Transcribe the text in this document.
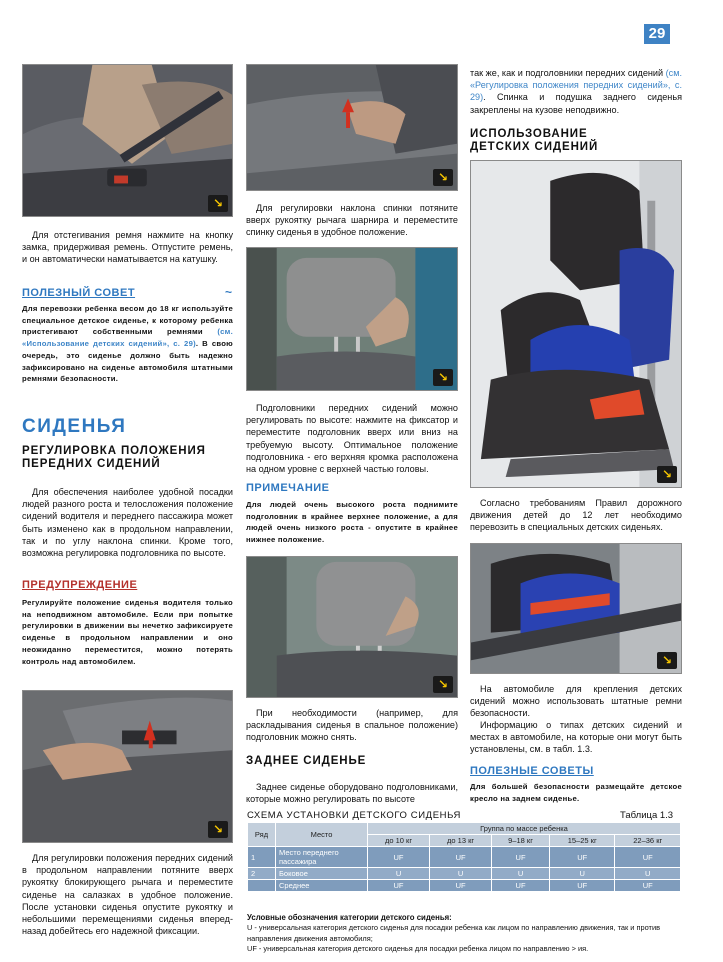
29
↘
Для отстегивания ремня нажмите на кнопку замка, придерживая ремень. Отпустите ремень, и он автоматически наматывается на катушку.
ПОЛЕЗНЫЙ СОВЕТ	~
Для перевозки ребенка весом до 18 кг используйте специальное детское сиденье, к которому ребенка пристегивают собственными ремнями (см. «Использование детских сидений», с. 29). В свою очередь, это сиденье должно быть надежно зафиксировано на сиденье автомобиля штатными ремнями безопасности.
СИДЕНЬЯ
РЕГУЛИРОВКА ПОЛОЖЕНИЯ ПЕРЕДНИХ СИДЕНИЙ
Для обеспечения наиболее удобной посадки людей разного роста и телосложения положение сидений водителя и переднего пассажира может быть изменено как в продольном направлении, так и по углу наклона спинки. Кроме того, возможна регулировка подголовника по высоте.
ПРЕДУПРЕЖДЕНИЕ
Регулируйте положение сиденья водителя только на неподвижном автомобиле. Если при попытке регулировки в движении вы нечетко зафиксируете сиденье в продольном направлении и оно неожиданно переместится, можно потерять контроль над автомобилем.
↘
Для регулировки положения передних сидений в продольном направлении потяните вверх рукоятку блокирующего рычага и переместите сиденье на салазках в удобное положение. После установки сиденья опустите рукоятку и небольшими перемещениями сиденья вперед-назад добейтесь его надежной фиксации.
↘
Для регулировки наклона спинки потяните вверх рукоятку рычага шарнира и переместите спинку сиденья в удобное положение.
↘
Подголовники передних сидений можно регулировать по высоте: нажмите на фиксатор и переместите подголовник вверх или вниз на требуемую высоту. Оптимальное положение подголовника - его верхняя кромка расположена на одном уровне с верхней частью головы.
ПРИМЕЧАНИЕ
Для людей очень высокого роста поднимите подголовник в крайнее верхнее положение, а для людей очень низкого роста - опустите в крайнее нижнее положение.
↘
При необходимости (например, для раскладывания сиденья в спальное положение) подголовник можно снять.
ЗАДНЕЕ СИДЕНЬЕ
Заднее сиденье оборудовано подголовниками, которые можно регулировать по высоте
так же, как и подголовники передних сидений (см. «Регулировка положения передних сидений», с. 29). Спинка и подушка заднего сиденья закреплены на кузове неподвижно.
ИСПОЛЬЗОВАНИЕ ДЕТСКИХ СИДЕНИЙ
↘
Согласно требованиям Правил дорожного движения детей до 12 лет необходимо перевозить в специальных детских сиденьях.
↘
На автомобиле для крепления детских сидений можно использовать штатные ремни безопасности.
Информацию о типах детских сидений и местах в автомобиле, на которые они могут быть установлены, см. в табл. 1.3.
ПОЛЕЗНЫЕ СОВЕТЫ
Для большей безопасности размещайте детское кресло на заднем сиденье.
СХЕМА УСТАНОВКИ ДЕТСКОГО СИДЕНЬЯ	Таблица 1.3
Ряд	Место	Группа по массе ребенка				
		до 10 кг	до 13 кг	9–18 кг	15–25 кг	22–36 кг
1	Место переднего пассажира	UF	UF	UF	UF	UF
2	Боковое	U	U	U	U	U
	Среднее	UF	UF	UF	UF	UF
Условные обозначения категории детского сиденья:
U - универсальная категория детского сиденья для посадки ребенка как лицом по направлению движения, так и против направления движения автомобиля;
UF - универсальная категория детского сиденья для посадки ребенка лицом по направлению > ия.
